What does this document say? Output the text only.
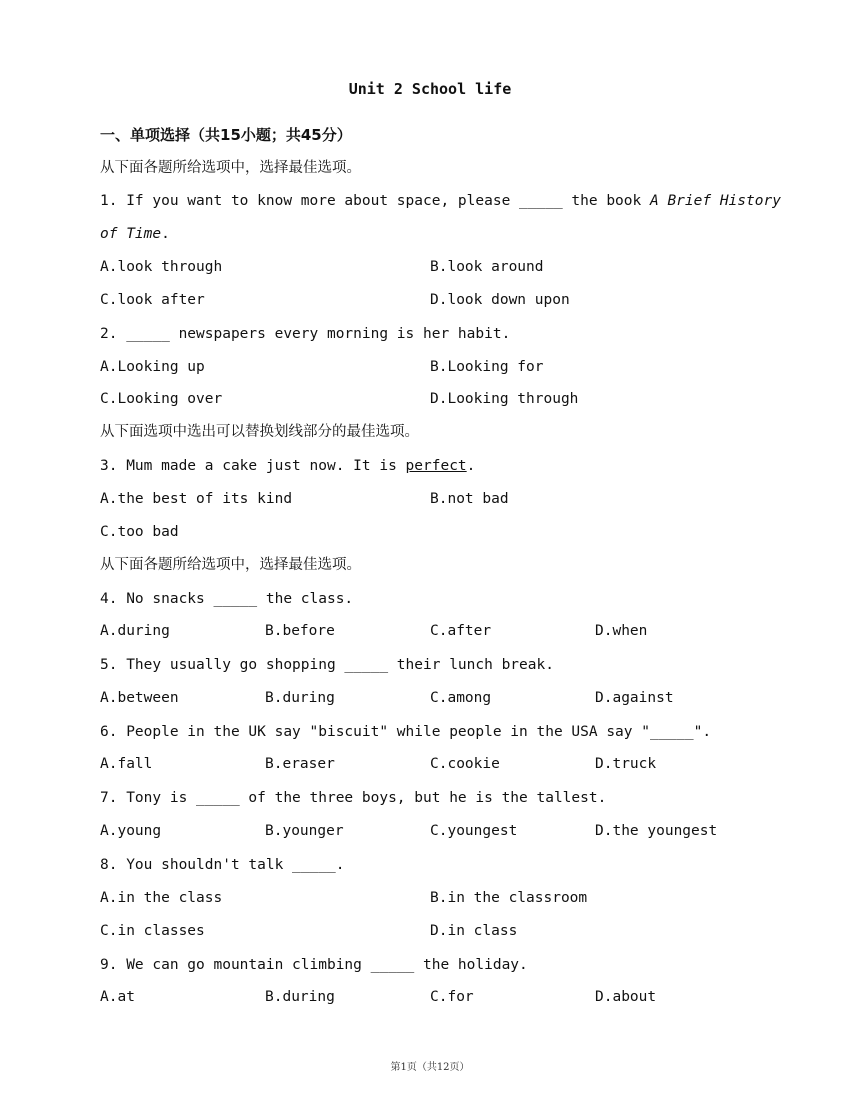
Unit 2 School life
一、单项选择（共15小题；共45分）
从下面各题所给选项中，选择最佳选项。
1. If you want to know more about space, please _____ the book A Brief History
of Time.
A.look through	B.look around
C.look after	D.look down upon
2. _____ newspapers every morning is her habit.
A.Looking up	B.Looking for
C.Looking over	D.Looking through
从下面选项中选出可以替换划线部分的最佳选项。
3. Mum made a cake just now. It is perfect.
A.the best of its kind	B.not bad
C.too bad
从下面各题所给选项中，选择最佳选项。
4. No snacks _____ the class.
A.during	B.before	C.after	D.when
5. They usually go shopping _____ their lunch break.
A.between	B.during	C.among	D.against
6. People in the UK say "biscuit" while people in the USA say "_____".
A.fall	B.eraser	C.cookie	D.truck
7. Tony is _____ of the three boys, but he is the tallest.
A.young	B.younger	C.youngest	D.the youngest
8. You shouldn't talk _____.
A.in the class	B.in the classroom
C.in classes	D.in class
9. We can go mountain climbing _____ the holiday.
A.at	B.during	C.for	D.about
第1页（共12页）
